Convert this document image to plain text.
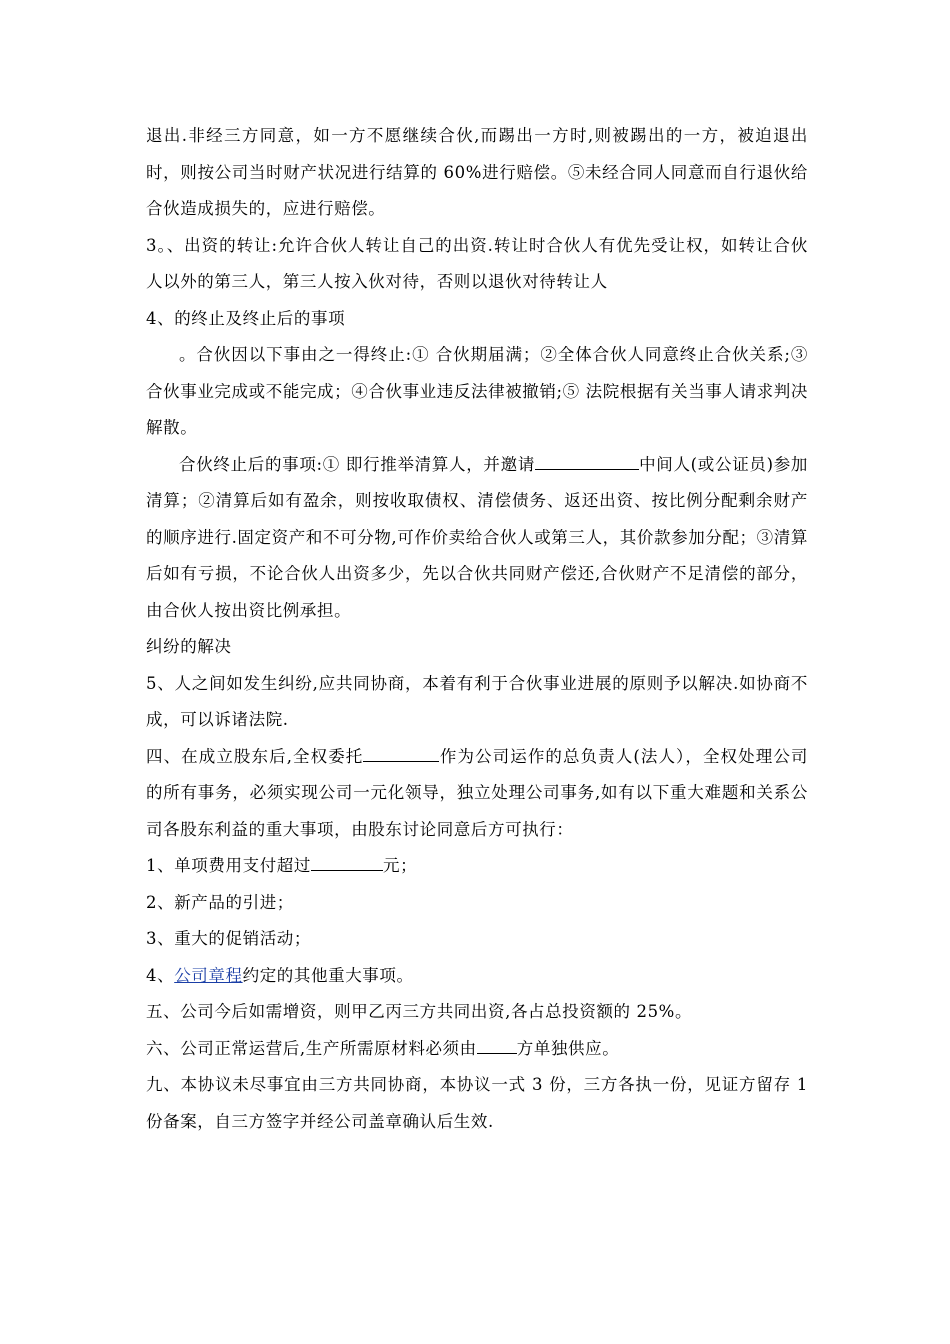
退出.非经三方同意，如一方不愿继续合伙,而踢出一方时,则被踢出的一方，被迫退出时，则按公司当时财产状况进行结算的 60%进行赔偿。⑤未经合同人同意而自行退伙给合伙造成损失的，应进行赔偿。

3。、出资的转让:允许合伙人转让自己的出资.转让时合伙人有优先受让权，如转让合伙人以外的第三人，第三人按入伙对待，否则以退伙对待转让人

4、的终止及终止后的事项

。合伙因以下事由之一得终止:① 合伙期届满；②全体合伙人同意终止合伙关系;③ 合伙事业完成或不能完成；④合伙事业违反法律被撤销;⑤ 法院根据有关当事人请求判决解散。

合伙终止后的事项:① 即行推举清算人，并邀请	中间人(或公证员)参加清算；②清算后如有盈余，则按收取债权、清偿债务、返还出资、按比例分配剩余财产的顺序进行.固定资产和不可分物,可作价卖给合伙人或第三人，其价款参加分配；③清算后如有亏损，不论合伙人出资多少，先以合伙共同财产偿还,合伙财产不足清偿的部分，由合伙人按出资比例承担。

纠纷的解决

5、人之间如发生纠纷,应共同协商，本着有利于合伙事业进展的原则予以解决.如协商不成，可以诉诸法院.

四、在成立股东后,全权委托	作为公司运作的总负责人(法人），全权处理公司的所有事务，必须实现公司一元化领导，独立处理公司事务,如有以下重大难题和关系公司各股东利益的重大事项，由股东讨论同意后方可执行：

1、单项费用支付超过	元；

2、新产品的引进；

3、重大的促销活动；

4、公司章程约定的其他重大事项。

五、公司今后如需增资，则甲乙丙三方共同出资,各占总投资额的 25%。

六、公司正常运营后,生产所需原材料必须由 方单独供应。

九、本协议未尽事宜由三方共同协商，本协议一式 3 份，三方各执一份，见证方留存 1 份备案，自三方签字并经公司盖章确认后生效.
